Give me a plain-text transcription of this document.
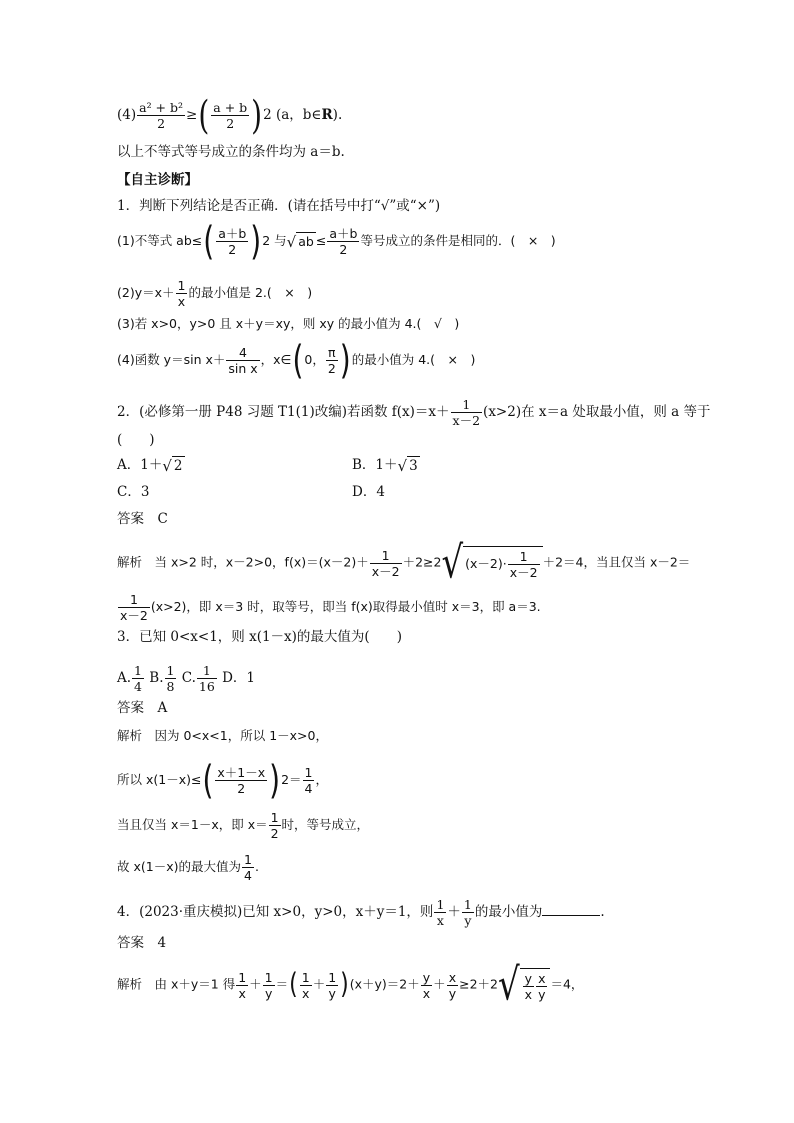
$(4) \frac{\text{a² + b²}}{2}$ ≥( $\frac{a + b}{2} )2$ (a，b∈R).
以上不等式等号成立的条件均为 a＝b.
【自主诊断】
1．判断下列结论是否正确．(请在括号中打“√”或“×”)
(1)不等式 $ab\le( \frac{a+b}{2} )2$ 与√ ab ≤ $\frac{a+b}{2}$ 等号成立的条件是相同的．(　×　)
$(2)y=x+ \frac{1}{x}$ 的最小值是 2.(　×　)
(3)若 x>0，y>0 且 x＋y＝xy，则 xy 的最小值为 4.(　√　)
(4)函数 y＝sin $x+ \frac{4}{\text{sin x}}$ ，x∈(0， $\frac{\pi}{2}$ )的最小值为 4.(　×　)
2．(必修第一册 P48 习题 T1(1)改编)若函数 $f(x)=x+ \frac{1}{x-2} (x>2)$在 x＝a 处取最小值，则 a 等于
(　　)
A．1＋√ 2	B．1＋√ 3
C．3	D．4
答案　C
解析　当 x>2 时，x－2>0，$f(x)=(x-2)+ \frac{1}{x-2} +2\ge 2√$ $(x-2)\cdot \frac{1}{x-2} +2=4$，当且仅当 x－2＝
$\frac{1}{x-2} (x>2)$，即 x＝3 时，取等号，即当 f(x)取得最小值时 x＝3，即 a＝3.
3．已知 0<x<1，则 x(1－x)的最大值为(　　)
A. $\frac{1}{4} B$. $\frac{1}{8} C$. $\frac{1}{16}$ D．1
答案　A
解析　因为 0<x<1，所以 1－x>0，
所以 $x(1-x)\le( \frac{x+1-x}{2} )2= \frac{1}{4}$ ，
当且仅当 x＝1－x，即 $x= \frac{1}{2}$ 时，等号成立，
故 x(1－x)的最大值为 $\frac{1}{4}$ .
4．(2023·重庆模拟)已知 x>0，y>0，x＋y＝1，则 $\frac{1}{x} + \frac{1}{y}$ 的最小值为	.
答案　4
解析　由 x＋y＝1 得 $\frac{1}{x} + \frac{1}{y}$ ＝( $\frac{1}{x} + \frac{1}{y} )(x+y)=2+ \frac{y}{x} + \frac{x}{y} \ge 2+2√ \frac{y}{x} \frac{x}{y} =4$，
